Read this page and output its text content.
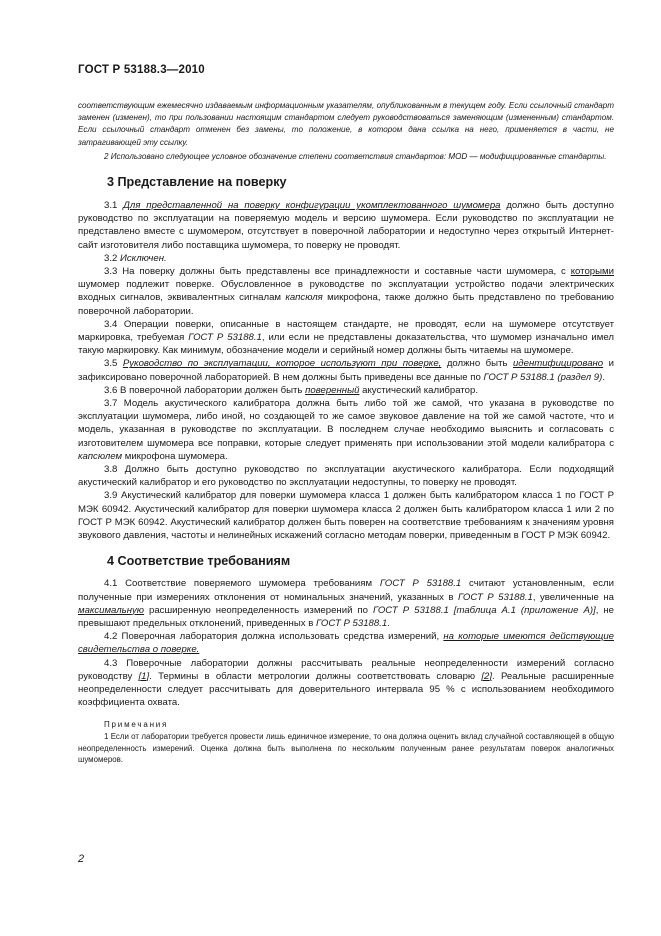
ГОСТ Р 53188.3—2010

соответствующим ежемесячно издаваемым информационным указателям, опубликованным в текущем году. Если ссылочный стандарт заменен (изменен), то при пользовании настоящим стандартом следует руководствоваться заменяющим (измененным) стандартом. Если ссылочный стандарт отменен без замены, то положение, в котором дана ссылка на него, применяется в части, не затрагивающей эту ссылку.

2 Использовано следующее условное обозначение степени соответствия стандартов: MOD — модифицированные стандарты.

3 Представление на поверку

3.1 Для представленной на поверку конфигурации укомплектованного шумомера должно быть доступно руководство по эксплуатации на поверяемую модель и версию шумомера. Если руководство по эксплуатации не представлено вместе с шумомером, отсутствует в поверочной лаборатории и недоступно через открытый Интернет-сайт изготовителя либо поставщика шумомера, то поверку не проводят.

3.2 Исключен.

3.3 На поверку должны быть представлены все принадлежности и составные части шумомера, с которыми шумомер подлежит поверке. Обусловленное в руководстве по эксплуатации устройство подачи электрических входных сигналов, эквивалентных сигналам капсюля микрофона, также должно быть представлено по требованию поверочной лаборатории.

3.4 Операции поверки, описанные в настоящем стандарте, не проводят, если на шумомере отсутствует маркировка, требуемая ГОСТ Р 53188.1, или если не представлены доказательства, что шумомер изначально имел такую маркировку. Как минимум, обозначение модели и серийный номер должны быть читаемы на шумомере.

3.5 Руководство по эксплуатации, которое используют при поверке, должно быть идентифицировано и зафиксировано поверочной лабораторией. В нем должны быть приведены все данные по ГОСТ Р 53188.1 (раздел 9).

3.6 В поверочной лаборатории должен быть поверенный акустический калибратор.

3.7 Модель акустического калибратора должна быть либо той же самой, что указана в руководстве по эксплуатации шумомера, либо иной, но создающей то же самое звуковое давление на той же самой частоте, что и модель, указанная в руководстве по эксплуатации. В последнем случае необходимо выяснить и согласовать с изготовителем шумомера все поправки, которые следует применять при использовании этой модели калибратора с капсюлем микрофона шумомера.

3.8 Должно быть доступно руководство по эксплуатации акустического калибратора. Если подходящий акустический калибратор и его руководство по эксплуатации недоступны, то поверку не проводят.

3.9 Акустический калибратор для поверки шумомера класса 1 должен быть калибратором класса 1 по ГОСТ Р МЭК 60942. Акустический калибратор для поверки шумомера класса 2 должен быть калибратором класса 1 или 2 по ГОСТ Р МЭК 60942. Акустический калибратор должен быть поверен на соответствие требованиям к значениям уровня звукового давления, частоты и нелинейных искажений согласно методам поверки, приведенным в ГОСТ Р МЭК 60942.

4 Соответствие требованиям

4.1 Соответствие поверяемого шумомера требованиям ГОСТ Р 53188.1 считают установленным, если полученные при измерениях отклонения от номинальных значений, указанных в ГОСТ Р 53188.1, увеличенные на максимальную расширенную неопределенность измерений по ГОСТ Р 53188.1 [таблица А.1 (приложение А)], не превышают предельных отклонений, приведенных в ГОСТ Р 53188.1.

4.2 Поверочная лаборатория должна использовать средства измерений, на которые имеются действующие свидетельства о поверке.

4.3 Поверочные лаборатории должны рассчитывать реальные неопределенности измерений согласно руководству [1]. Термины в области метрологии должны соответствовать словарю [2]. Реальные расширенные неопределенности следует рассчитывать для доверительного интервала 95 % с использованием необходимого коэффициента охвата.

Примечания

1 Если от лаборатории требуется провести лишь единичное измерение, то она должна оценить вклад случайной составляющей в общую неопределенность измерений. Оценка должна быть выполнена по нескольким полученным ранее результатам поверок аналогичных шумомеров.

2
